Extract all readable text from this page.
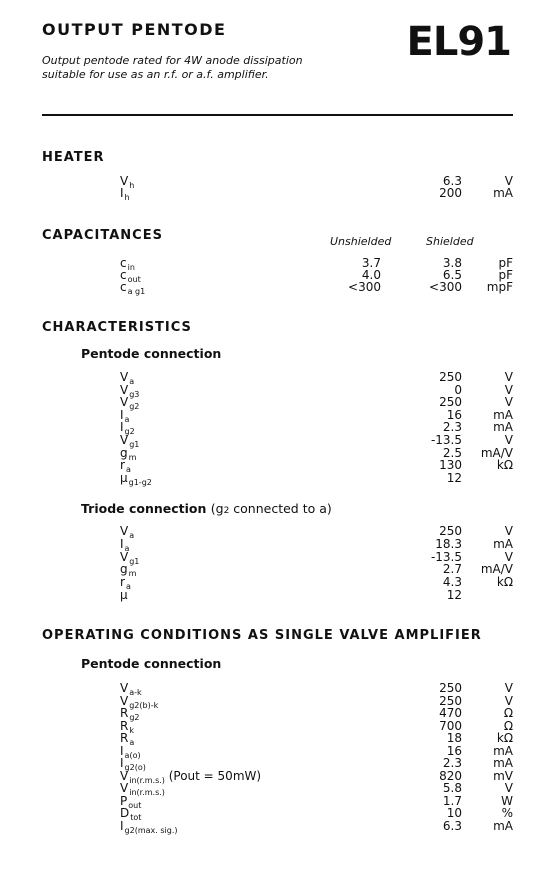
OUTPUT PENTODE	EL91
Output pentode rated for 4W anode dissipation
suitable for use as an r.f. or a.f. amplifier.
HEATER
$V_h$	6.3	V
$I_h$	200	mA
CAPACITANCES	Unshielded	Shielded
$c_{in}$	3.7	3.8	pF
$c_{out}$	4.0	6.5	pF
$c_{a g1}$	<300	<300	mpF
CHARACTERISTICS
Pentode connection
$V_a$	250	V
$V_{g3}$	0	V
$V_{g2}$	250	V
$I_a$	16	mA
$I_{g2}$	2.3	mA
$V_{g1}$	-13.5	V
$g_m$	2.5	mA/V
$r_a$	130	kΩ
$\mu_{g1-g2}$	12
Triode connection (g2 connected to a)
$V_a$	250	V
$I_a$	18.3	mA
$V_{g1}$	-13.5	V
$g_m$	2.7	mA/V
$r_a$	4.3	kΩ
μ	12
OPERATING CONDITIONS AS SINGLE VALVE AMPLIFIER
Pentode connection
$V_{a-k}$	250	V
$V_{g2(b)-k}$	250	V
$R_{g2}$	470	Ω
$R_k$	700	Ω
$R_a$	18	kΩ
$I_{a(o)}$	16	mA
$I_{g2(o)}$	2.3	mA
$V_{in(r.m.s.)}$ (Pout = 50mW)	820	mV
$V_{in(r.m.s.)}$	5.8	V
$P_{out}$	1.7	W
$D_{tot}$	10	%
$I_{g2(max. sig.)}$	6.3	mA
